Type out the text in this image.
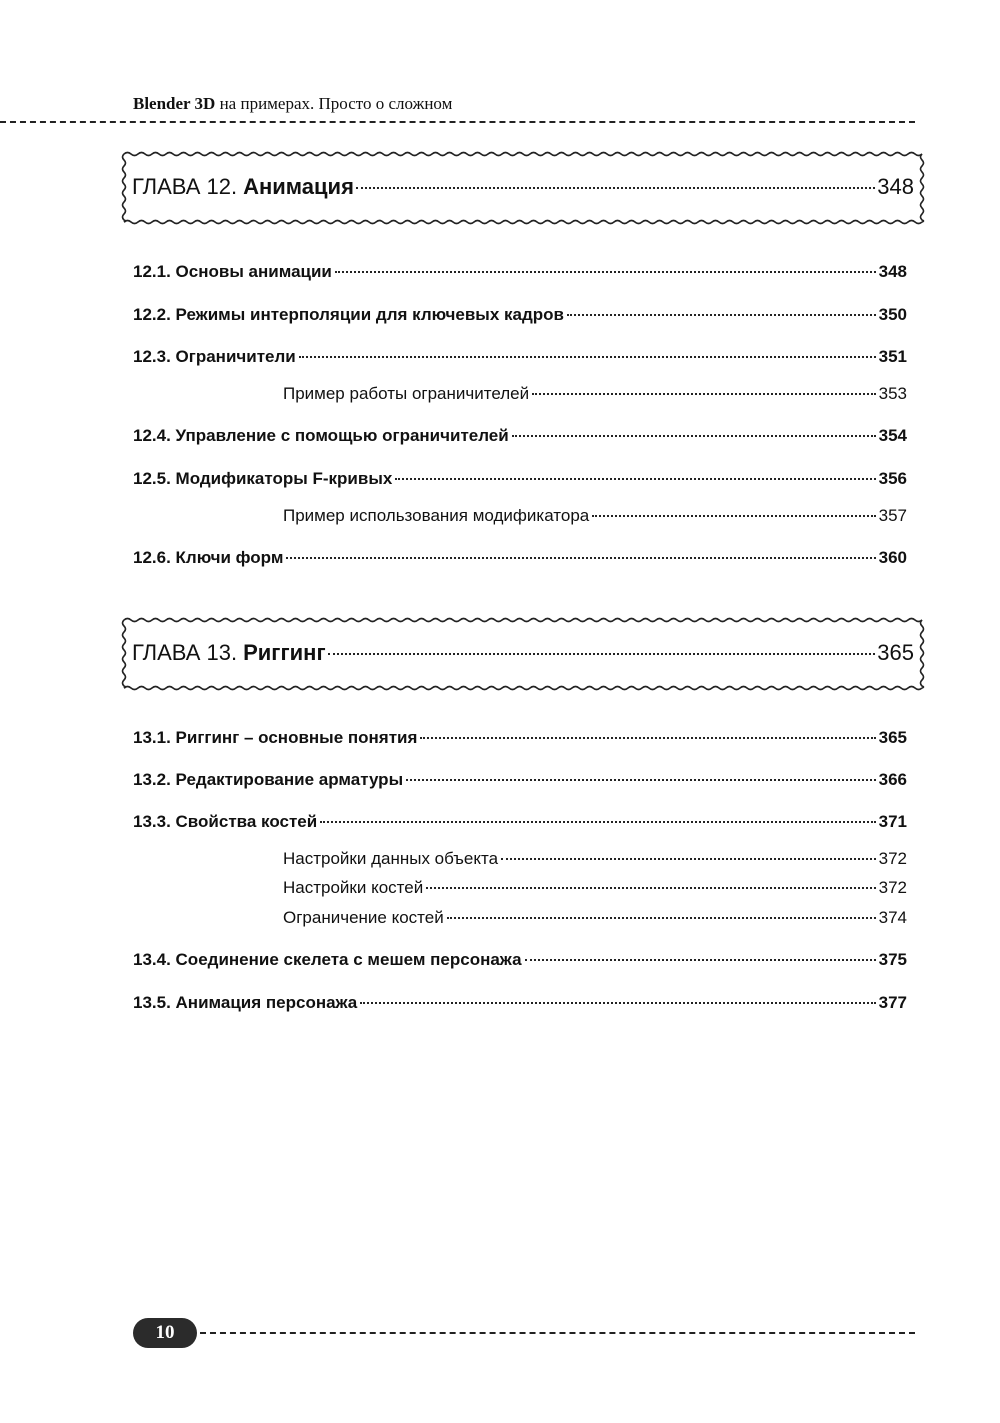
Blender 3D на примерах. Просто о сложном
ГЛАВА 12. Анимация	348
12.1. Основы анимации	348
12.2. Режимы интерполяции для ключевых кадров	350
12.3. Ограничители	351
Пример работы ограничителей	353
12.4. Управление с помощью ограничителей	354
12.5. Модификаторы F-кривых	356
Пример использования модификатора	357
12.6. Ключи форм	360
ГЛАВА 13. Риггинг	365
13.1. Риггинг – основные понятия	365
13.2. Редактирование арматуры	366
13.3. Свойства костей	371
Настройки данных объекта	372
Настройки костей	372
Ограничение костей	374
13.4. Соединение скелета с мешем персонажа	375
13.5. Анимация персонажа	377
10
